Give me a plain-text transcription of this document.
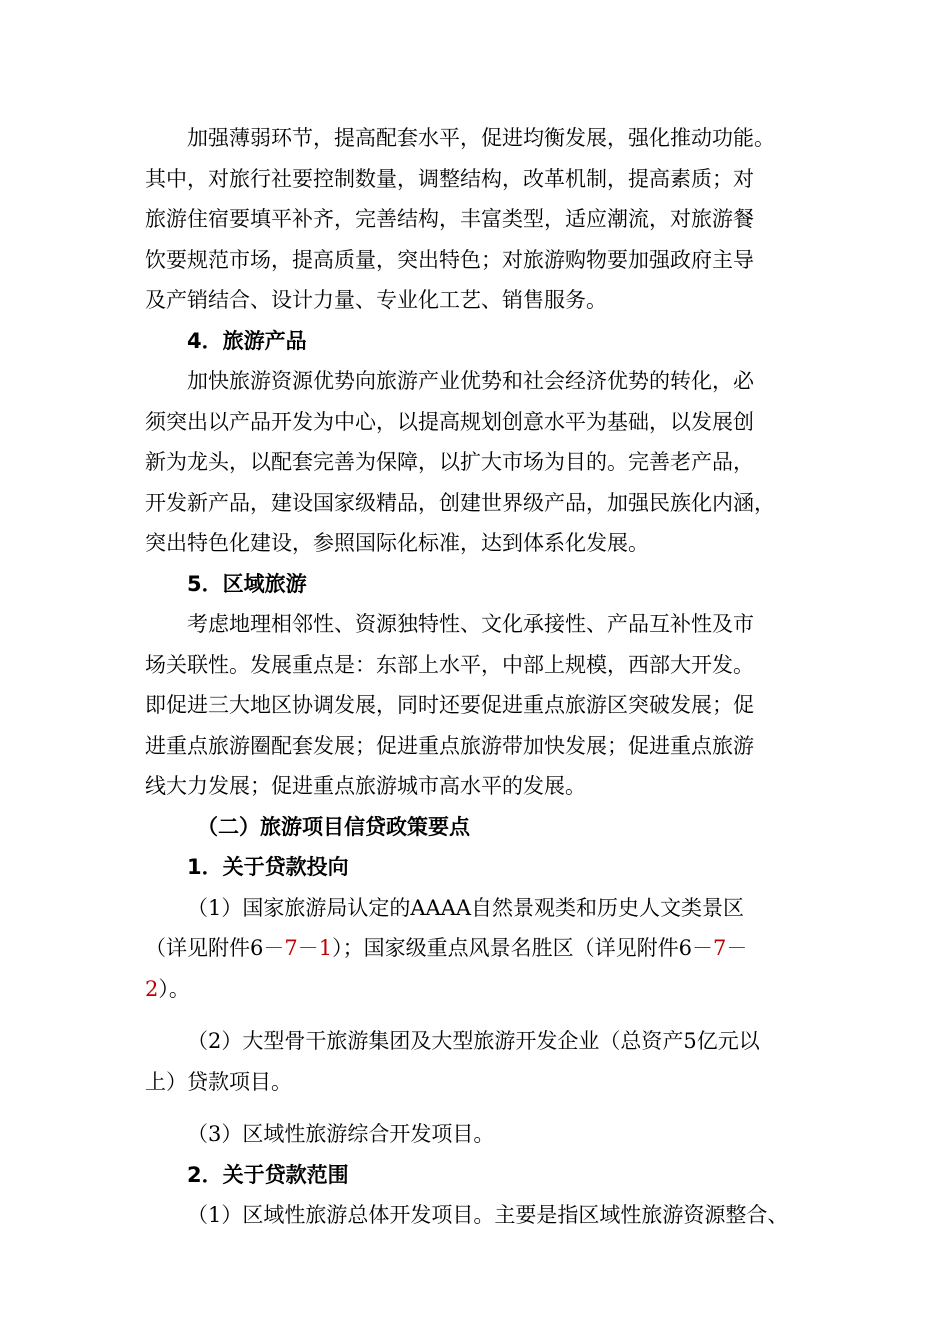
加强薄弱环节，提高配套水平，促进均衡发展，强化推动功能。

其中，对旅行社要控制数量，调整结构，改革机制，提高素质；对

旅游住宿要填平补齐，完善结构，丰富类型，适应潮流，对旅游餐

饮要规范市场，提高质量，突出特色；对旅游购物要加强政府主导

及产销结合、设计力量、专业化工艺、销售服务。

4．旅游产品

加快旅游资源优势向旅游产业优势和社会经济优势的转化，必

须突出以产品开发为中心，以提高规划创意水平为基础，以发展创

新为龙头，以配套完善为保障，以扩大市场为目的。完善老产品，

开发新产品，建设国家级精品，创建世界级产品，加强民族化内涵，

突出特色化建设，参照国际化标准，达到体系化发展。

5．区域旅游

考虑地理相邻性、资源独特性、文化承接性、产品互补性及市

场关联性。发展重点是：东部上水平，中部上规模，西部大开发。

即促进三大地区协调发展，同时还要促进重点旅游区突破发展；促

进重点旅游圈配套发展；促进重点旅游带加快发展；促进重点旅游

线大力发展；促进重点旅游城市高水平的发展。

（二）旅游项目信贷政策要点

1．关于贷款投向

（1）国家旅游局认定的AAAA自然景观类和历史人文类景区

（详见附件6－7－1）；国家级重点风景名胜区（详见附件6－7－

2）。

（2）大型骨干旅游集团及大型旅游开发企业（总资产5亿元以

上）贷款项目。

（3）区域性旅游综合开发项目。

2．关于贷款范围

（1）区域性旅游总体开发项目。主要是指区域性旅游资源整合、
